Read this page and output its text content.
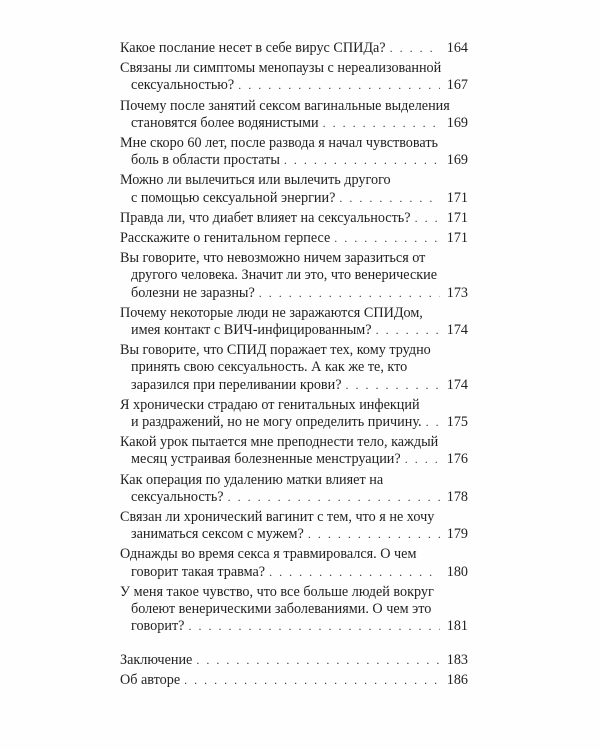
Какое послание несет в себе вирус СПИДа? . . .	164
Связаны ли симптомы менопаузы с нереализованной
сексуальностью? . . .	167
Почему после занятий сексом вагинальные выделения
становятся более водянистыми . . .	169
Мне скоро 60 лет, после развода я начал чувствовать
боль в области простаты . . .	169
Можно ли вылечиться или вылечить другого
с помощью сексуальной энергии? . . .	171
Правда ли, что диабет влияет на сексуальность? . . .	171
Расскажите о генитальном герпесе . . .	171
Вы говорите, что невозможно ничем заразиться от
другого человека. Значит ли это, что венерические
болезни не заразны? . . .	173
Почему некоторые люди не заражаются СПИДом,
имея контакт с ВИЧ-инфицированным? . . .	174
Вы говорите, что СПИД поражает тех, кому трудно
принять свою сексуальность. А как же те, кто
заразился при переливании крови? . . .	174
Я хронически страдаю от генитальных инфекций
и раздражений, но не могу определить причину. . . . 175
Какой урок пытается мне преподнести тело, каждый
месяц устраивая болезненные менструации? . . .	176
Как операция по удалению матки влияет на
сексуальность? . . .	178
Связан ли хронический вагинит с тем, что я не хочу
заниматься сексом с мужем? . . .	179
Однажды во время секса я травмировался. О чем
говорит такая травма? . . .	180
У меня такое чувство, что все больше людей вокруг
болеют венерическими заболеваниями. О чем это
говорит? . . .	181
Заключение . . .	183
Об авторе . . .	186
